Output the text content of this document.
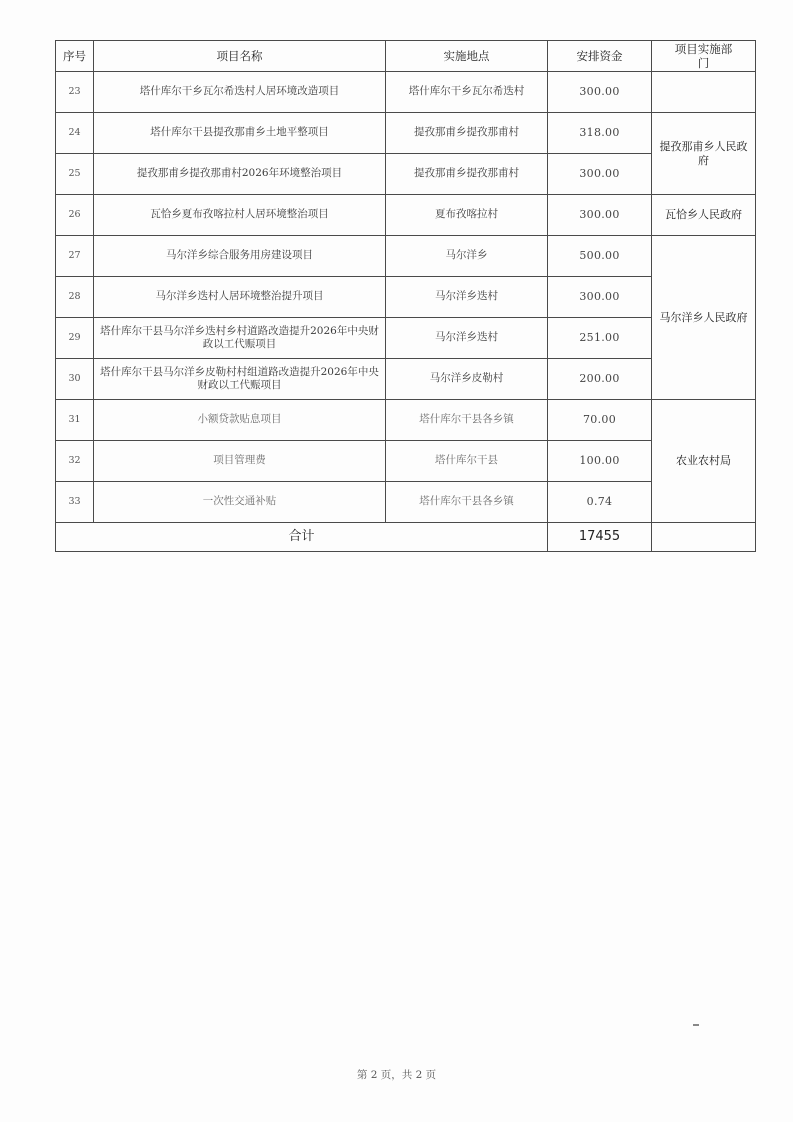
序号	项目名称	实施地点	安排资金	项目实施部门
23	塔什库尔干乡瓦尔希迭村人居环境改造项目	塔什库尔干乡瓦尔希迭村	300.00	
24	塔什库尔干县提孜那甫乡土地平整项目	提孜那甫乡提孜那甫村	318.00	提孜那甫乡人民政府
25	提孜那甫乡提孜那甫村2026年环境整治项目	提孜那甫乡提孜那甫村	300.00	
26	瓦恰乡夏布孜喀拉村人居环境整治项目	夏布孜喀拉村	300.00	瓦恰乡人民政府
27	马尔洋乡综合服务用房建设项目	马尔洋乡	500.00	马尔洋乡人民政府
28	马尔洋乡迭村人居环境整治提升项目	马尔洋乡迭村	300.00	
29	塔什库尔干县马尔洋乡迭村乡村道路改造提升2026年中央财政以工代赈项目	马尔洋乡迭村	251.00	
30	塔什库尔干县马尔洋乡皮勒村村组道路改造提升2026年中央财政以工代赈项目	马尔洋乡皮勒村	200.00	
31	小额贷款贴息项目	塔什库尔干县各乡镇	70.00	农业农村局
32	项目管理费	塔什库尔干县	100.00	
33	一次性交通补贴	塔什库尔干县各乡镇	0.74	
合计			17455	
第 2 页，共 2 页
